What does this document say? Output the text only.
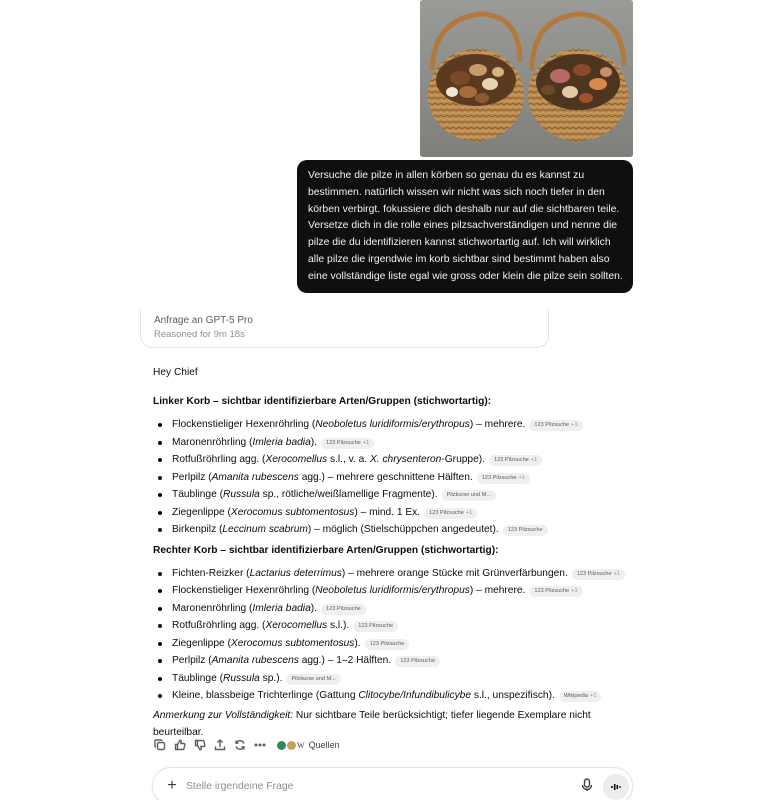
Versuche die pilze in allen körben so genau du es kannst zu bestimmen. natürlich wissen wir nicht was sich noch tiefer in den körben verbirgt. fokussiere dich deshalb nur auf die sichtbaren teile. Versetze dich in die rolle eines pilzsachverständigen und nenne die pilze die du identifizieren kannst stichwortartig auf. Ich will wirklich alle pilze die irgendwie im korb sichtbar sind bestimmt haben also eine vollständige liste egal wie gross oder klein die pilze sein sollten.

Anfrage an GPT-5 Pro
Reasoned for 9m 18s
Hey Chief
Linker Korb – sichtbar identifizierbare Arten/Gruppen (stichwortartig):
Flockenstieliger Hexenröhrling (Neoboletus luridiformis/erythropus) – mehrere. 123 Pilzsuche +1
Maronenröhrling (Imleria badia). 123 Pilzsuche +1
Rotfußröhrling agg. (Xerocomellus s.l., v. a. X. chrysenteron-Gruppe). 123 Pilzsuche +1
Perlpilz (Amanita rubescens agg.) – mehrere geschnittene Hälften. 123 Pilzsuche +1
Täublinge (Russula sp., rötliche/weißlamellige Fragmente). Pilzkurse und M...
Ziegenlippe (Xerocomus subtomentosus) – mind. 1 Ex. 123 Pilzsuche +1
Birkenpilz (Leccinum scabrum) – möglich (Stielschüppchen angedeutet). 123 Pilzsuche
Rechter Korb – sichtbar identifizierbare Arten/Gruppen (stichwortartig):
Fichten-Reizker (Lactarius deterrimus) – mehrere orange Stücke mit Grünverfärbungen. 123 Pilzsuche +1
Flockenstieliger Hexenröhrling (Neoboletus luridiformis/erythropus) – mehrere. 123 Pilzsuche +1
Maronenröhrling (Imleria badia). 123 Pilzsuche
Rotfußröhrling agg. (Xerocomellus s.l.). 123 Pilzsuche
Ziegenlippe (Xerocomus subtomentosus). 123 Pilzsuche
Perlpilz (Amanita rubescens agg.) – 1–2 Hälften. 123 Pilzsuche
Täublinge (Russula sp.). Pilzkurse und M...
Kleine, blassbeige Trichterlinge (Gattung Clitocybe/Infundibulicybe s.l., unspezifisch). Wikipedia +1
Anmerkung zur Vollständigkeit: Nur sichtbare Teile berücksichtigt; tiefer liegende Exemplare nicht beurteilbar.
W Quellen
+
Stelle irgendeine Frage
